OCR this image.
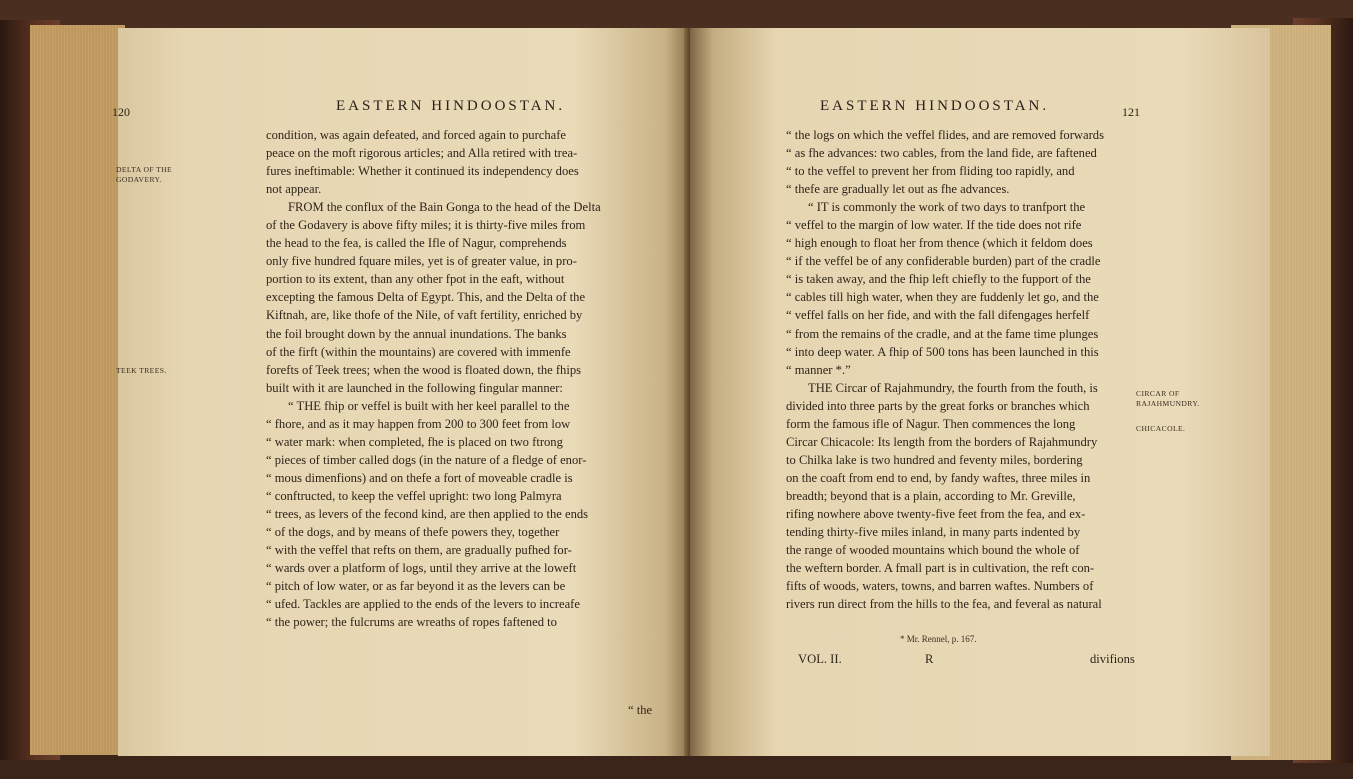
120	EASTERN HINDOOSTAN.
DELTA OF THE GODAVERY.
TEEK TREES.
condition, was again defeated, and forced again to purchafe
peace on the moft rigorous articles; and Alla retired with trea-
fures ineftimable: Whether it continued its independency does
not appear.
FROM the conflux of the Bain Gonga to the head of the Delta
of the Godavery is above fifty miles; it is thirty-five miles from
the head to the fea, is called the Ifle of Nagur, comprehends
only five hundred fquare miles, yet is of greater value, in pro-
portion to its extent, than any other fpot in the eaft, without
excepting the famous Delta of Egypt. This, and the Delta of the
Kiftnah, are, like thofe of the Nile, of vaft fertility, enriched by
the foil brought down by the annual inundations. The banks
of the firft (within the mountains) are covered with immenfe
forefts of Teek trees; when the wood is floated down, the fhips
built with it are launched in the following fingular manner:
“ THE fhip or veffel is built with her keel parallel to the
“ fhore, and as it may happen from 200 to 300 feet from low
“ water mark: when completed, fhe is placed on two ftrong
“ pieces of timber called dogs (in the nature of a fledge of enor-
“ mous dimenfions) and on thefe a fort of moveable cradle is
“ conftructed, to keep the veffel upright: two long Palmyra
“ trees, as levers of the fecond kind, are then applied to the ends
“ of the dogs, and by means of thefe powers they, together
“ with the veffel that refts on them, are gradually pufhed for-
“ wards over a platform of logs, until they arrive at the loweft
“ pitch of low water, or as far beyond it as the levers can be
“ ufed. Tackles are applied to the ends of the levers to increafe
“ the power; the fulcrums are wreaths of ropes faftened to
“ the
EASTERN HINDOOSTAN.	121
“ the logs on which the veffel flides, and are removed forwards
“ as fhe advances: two cables, from the land fide, are faftened
“ to the veffel to prevent her from fliding too rapidly, and
“ thefe are gradually let out as fhe advances.
“ IT is commonly the work of two days to tranfport the
“ veffel to the margin of low water. If the tide does not rife
“ high enough to float her from thence (which it feldom does
“ if the veffel be of any confiderable burden) part of the cradle
“ is taken away, and the fhip left chiefly to the fupport of the
“ cables till high water, when they are fuddenly let go, and the
“ veffel falls on her fide, and with the fall difengages herfelf
“ from the remains of the cradle, and at the fame time plunges
“ into deep water. A fhip of 500 tons has been launched in this
“ manner *.”
THE Circar of Rajahmundry, the fourth from the fouth, is
divided into three parts by the great forks or branches which
form the famous ifle of Nagur. Then commences the long
Circar Chicacole: Its length from the borders of Rajahmundry
to Chilka lake is two hundred and feventy miles, bordering
on the coaft from end to end, by fandy waftes, three miles in
breadth; beyond that is a plain, according to Mr. Greville,
rifing nowhere above twenty-five feet from the fea, and ex-
tending thirty-five miles inland, in many parts indented by
the range of wooded mountains which bound the whole of
the weftern border. A fmall part is in cultivation, the reft con-
fifts of woods, waters, towns, and barren waftes. Numbers of
rivers run direct from the hills to the fea, and feveral as natural
CIRCAR OF RAJAHMUNDRY.
CHICACOLE.
* Mr. Rennel, p. 167.
VOL. II.	R	divifions
